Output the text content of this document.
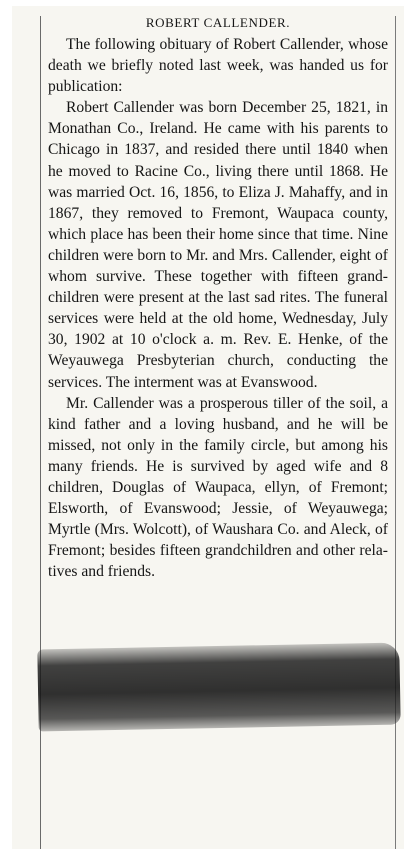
ROBERT CALLENDER.

The following obituary of Robert Callender, whose death we briefly noted last week, was handed us for publication:

Robert Callender was born December 25, 1821, in Monathan Co., Ireland. He came with his parents to Chicago in 1837, and resided there until 1840 when he moved to Racine Co., living there until 1868. He was married Oct. 16, 1856, to Eliza J. Mahaffy, and in 1867, they removed to Fremont, Waupaca county, which place has been their home since that time. Nine children were born to Mr. and Mrs. Callender, eight of whom survive. These together with fifteen grandchildren were present at the last sad rites. The funeral services were held at the old home, Wednesday, July 30, 1902 at 10 o'clock a. m. Rev. E. Henke, of the Weyauwega Presbyterian church, conducting the services. The interment was at Evanswood.

Mr. Callender was a prosperous tiller of the soil, a kind father and a loving husband, and he will be missed, not only in the family circle, but among his many friends. He is survived by aged wife and 8 children, Douglas of Waupaca, ellyn, of Fremont; Elsworth, of Evanswood; Jessie, of Weyauwega; Myrtle (Mrs. Wolcott), of Waushara Co. and Aleck, of Fremont; besides fifteen grandchildren and other relatives and friends.
